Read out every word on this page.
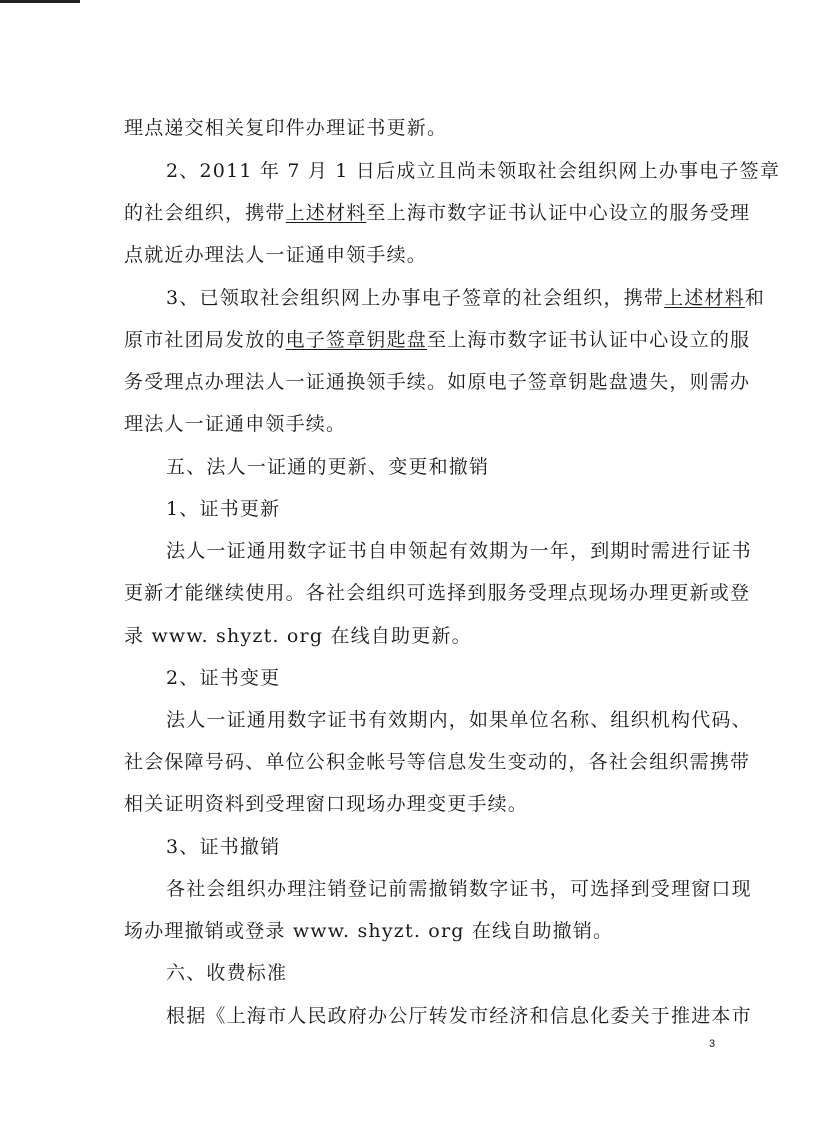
理点递交相关复印件办理证书更新。
2、2011 年 7 月 1 日后成立且尚未领取社会组织网上办事电子签章
的社会组织，携带上述材料至上海市数字证书认证中心设立的服务受理
点就近办理法人一证通申领手续。
3、已领取社会组织网上办事电子签章的社会组织，携带上述材料和
原市社团局发放的电子签章钥匙盘至上海市数字证书认证中心设立的服
务受理点办理法人一证通换领手续。如原电子签章钥匙盘遗失，则需办
理法人一证通申领手续。
五、法人一证通的更新、变更和撤销
1、证书更新
法人一证通用数字证书自申领起有效期为一年，到期时需进行证书
更新才能继续使用。各社会组织可选择到服务受理点现场办理更新或登
录 www. shyzt. org 在线自助更新。
2、证书变更
法人一证通用数字证书有效期内，如果单位名称、组织机构代码、
社会保障号码、单位公积金帐号等信息发生变动的，各社会组织需携带
相关证明资料到受理窗口现场办理变更手续。
3、证书撤销
各社会组织办理注销登记前需撤销数字证书，可选择到受理窗口现
场办理撤销或登录 www. shyzt. org 在线自助撤销。
六、收费标准
根据《上海市人民政府办公厅转发市经济和信息化委关于推进本市
3
